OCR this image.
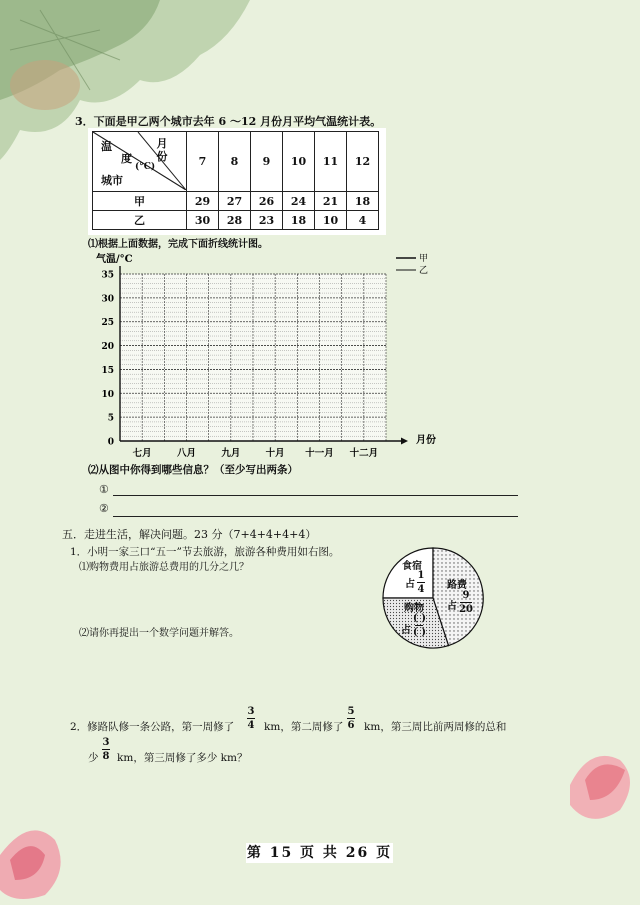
3．下面是甲乙两个城市去年 6 ～12 月份月平均气温统计表。
温
度
(°C)
城市
月份	7	8	9	10	11	12
甲	29	27	26	24	21	18
乙	30	28	23	18	10	4
⑴根据上面数据，完成下面折线统计图。
0
5
10
15
20
25
30
35
七月	八月	九月	十月 十一月 十二月
气温/°C
月份
甲
乙
⑵从图中你得到哪些信息？（至少写出两条）
①
②
五．走进生活，解决问题。23 分（7+4+4+4+4）
1．小明一家三口“五一”节去旅游，旅游各种费用如右图。
⑴购物费用占旅游总费用的几分之几？
⑵请你再提出一个数学问题并解答。
食宿
占
1
4 路费
占
9
20
购物
占
( )
( )
2．修路队修一条公路，第一周修了
3
4 km，第二周修了
5
6 km，第三周比前两周修的总和
少
3
8 km，第三周修了多少 km？
第 15 页 共 26 页
